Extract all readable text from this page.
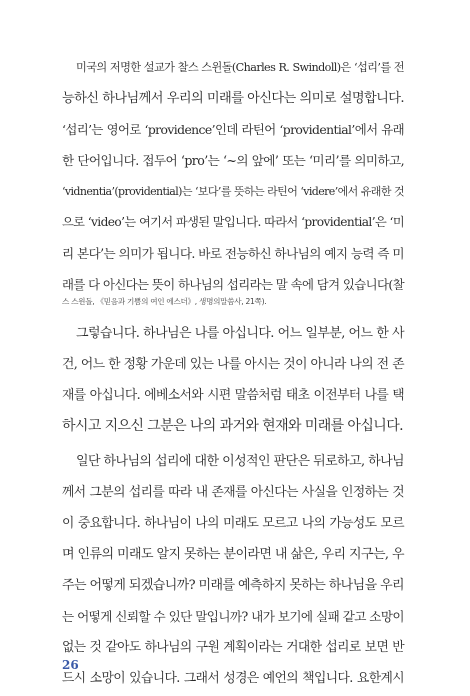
미국의 저명한 설교가 찰스 스윈돌(Charles R. Swindoll)은 ‘섭리’를 전
능하신 하나님께서 우리의 미래를 아신다는 의미로 설명합니다.
‘섭리’는 영어로 ‘providence’인데 라틴어 ‘providential’에서 유래
한 단어입니다. 접두어 ‘pro’는 ‘~의 앞에’ 또는 ‘미리’를 의미하고,
‘vidnentia’(providential)는 ‘보다’를 뜻하는 라틴어 ‘videre’에서 유래한 것
으로 ‘video’는 여기서 파생된 말입니다. 따라서 ‘providential’은 ‘미
리 본다’는 의미가 됩니다. 바로 전능하신 하나님의 예지 능력 즉 미
래를 다 아신다는 뜻이 하나님의 섭리라는 말 속에 담겨 있습니다(찰
스 스윈돌, 《믿음과 기쁨의 여인 에스더》, 생명의말씀사, 21쪽).
그렇습니다. 하나님은 나를 아십니다. 어느 일부분, 어느 한 사
건, 어느 한 정황 가운데 있는 나를 아시는 것이 아니라 나의 전 존
재를 아십니다. 에베소서와 시편 말씀처럼 태초 이전부터 나를 택
하시고 지으신 그분은 나의 과거와 현재와 미래를 아십니다.
일단 하나님의 섭리에 대한 이성적인 판단은 뒤로하고, 하나님
께서 그분의 섭리를 따라 내 존재를 아신다는 사실을 인정하는 것
이 중요합니다. 하나님이 나의 미래도 모르고 나의 가능성도 모르
며 인류의 미래도 알지 못하는 분이라면 내 삶은, 우리 지구는, 우
주는 어떻게 되겠습니까? 미래를 예측하지 못하는 하나님을 우리
는 어떻게 신뢰할 수 있단 말입니까? 내가 보기에 실패 같고 소망이
없는 것 같아도 하나님의 구원 계획이라는 거대한 섭리로 보면 반
드시 소망이 있습니다. 그래서 성경은 예언의 책입니다. 요한계시
26
